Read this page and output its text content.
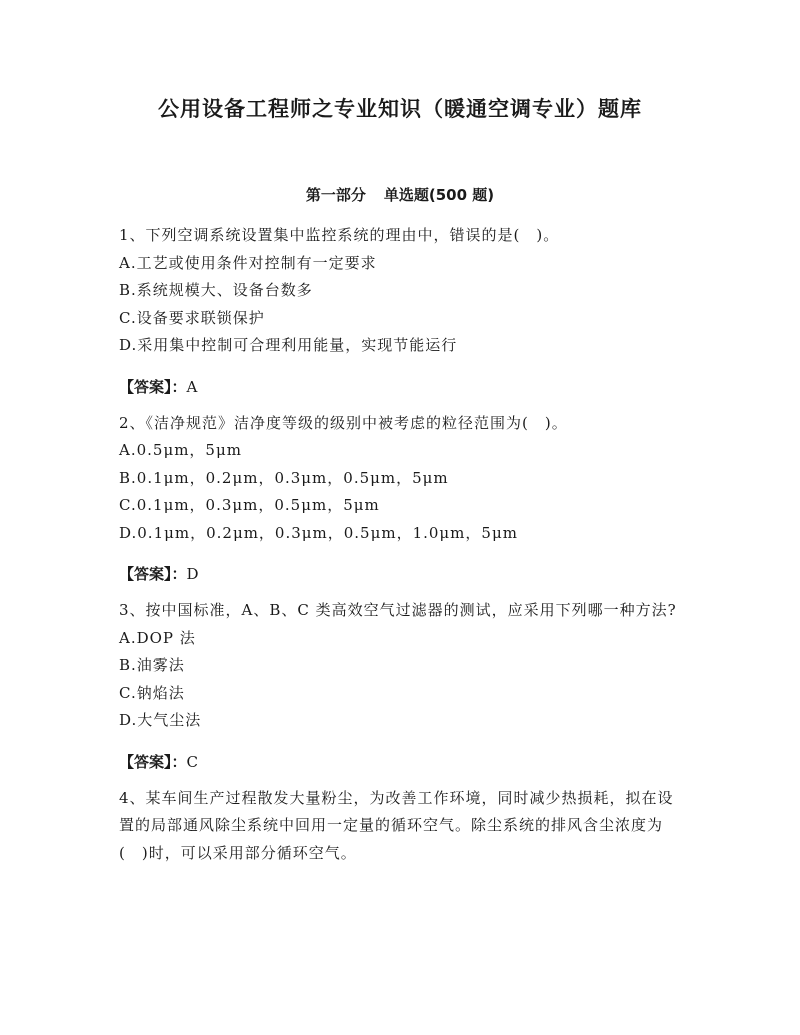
公用设备工程师之专业知识（暖通空调专业）题库
第一部分 单选题(500 题)

1、下列空调系统设置集中监控系统的理由中，错误的是(　)。

A.工艺或使用条件对控制有一定要求

B.系统规模大、设备台数多

C.设备要求联锁保护

D.采用集中控制可合理利用能量，实现节能运行

【答案】：A

2、《洁净规范》洁净度等级的级别中被考虑的粒径范围为(　)。

A.0.5μm，5μm

B.0.1μm，0.2μm，0.3μm，0.5μm，5μm

C.0.1μm，0.3μm，0.5μm，5μm

D.0.1μm，0.2μm，0.3μm，0.5μm，1.0μm，5μm

【答案】：D

3、按中国标准，A、B、C 类高效空气过滤器的测试，应采用下列哪一种方法?

A.DOP 法

B.油雾法

C.钠焰法

D.大气尘法

【答案】：C

4、某车间生产过程散发大量粉尘，为改善工作环境，同时减少热损耗，拟在设置的局部通风除尘系统中回用一定量的循环空气。除尘系统的排风含尘浓度为(　)时，可以采用部分循环空气。
